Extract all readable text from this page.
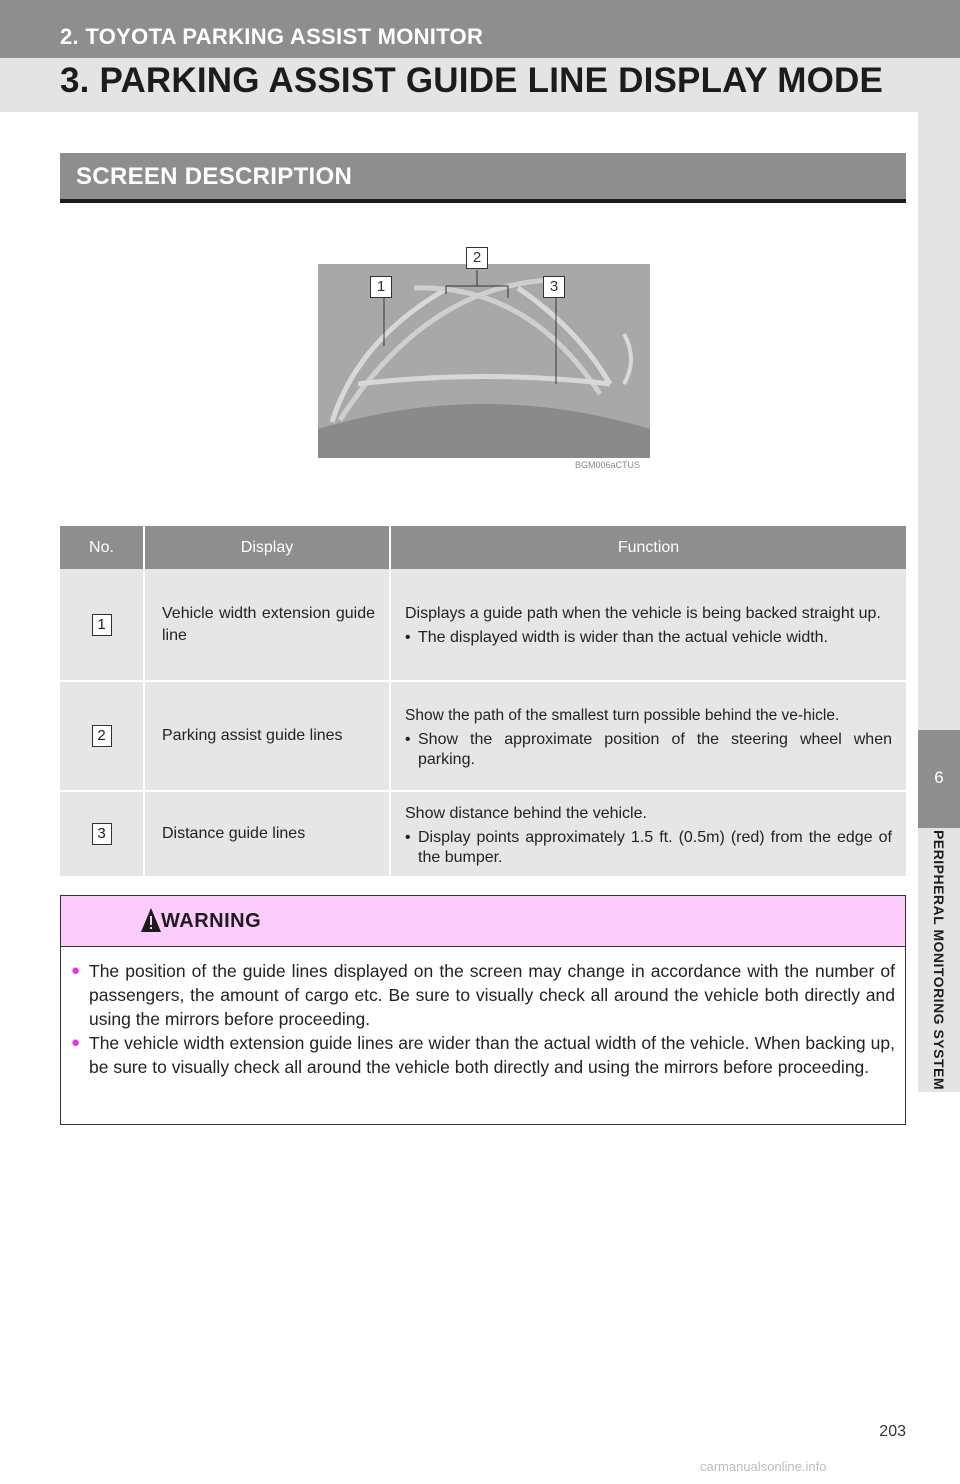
2. TOYOTA PARKING ASSIST MONITOR
3. PARKING ASSIST GUIDE LINE DISPLAY MODE
6
PERIPHERAL MONITORING SYSTEM
SCREEN DESCRIPTION
1
2
3
BGM006aCTUS
No.	Display	Function
1	Vehicle width extension guide line	Displays a guide path when the vehicle is being backed straight up.
• The displayed width is wider than the actual vehicle width.

2	Parking assist guide lines	Show the path of the smallest turn possible behind the ve-hicle.
• Show the approximate position of the steering wheel when parking.

3	Distance guide lines	Show distance behind the vehicle.
• Display points approximately 1.5 ft. (0.5m) (red) from the edge of the bumper.
WARNING
● The position of the guide lines displayed on the screen may change in accordance with the number of passengers, the amount of cargo etc. Be sure to visually check all around the vehicle both directly and using the mirrors before proceeding.
● The vehicle width extension guide lines are wider than the actual width of the vehicle. When backing up, be sure to visually check all around the vehicle both directly and using the mirrors before proceeding.
203
carmanualsonline.info
